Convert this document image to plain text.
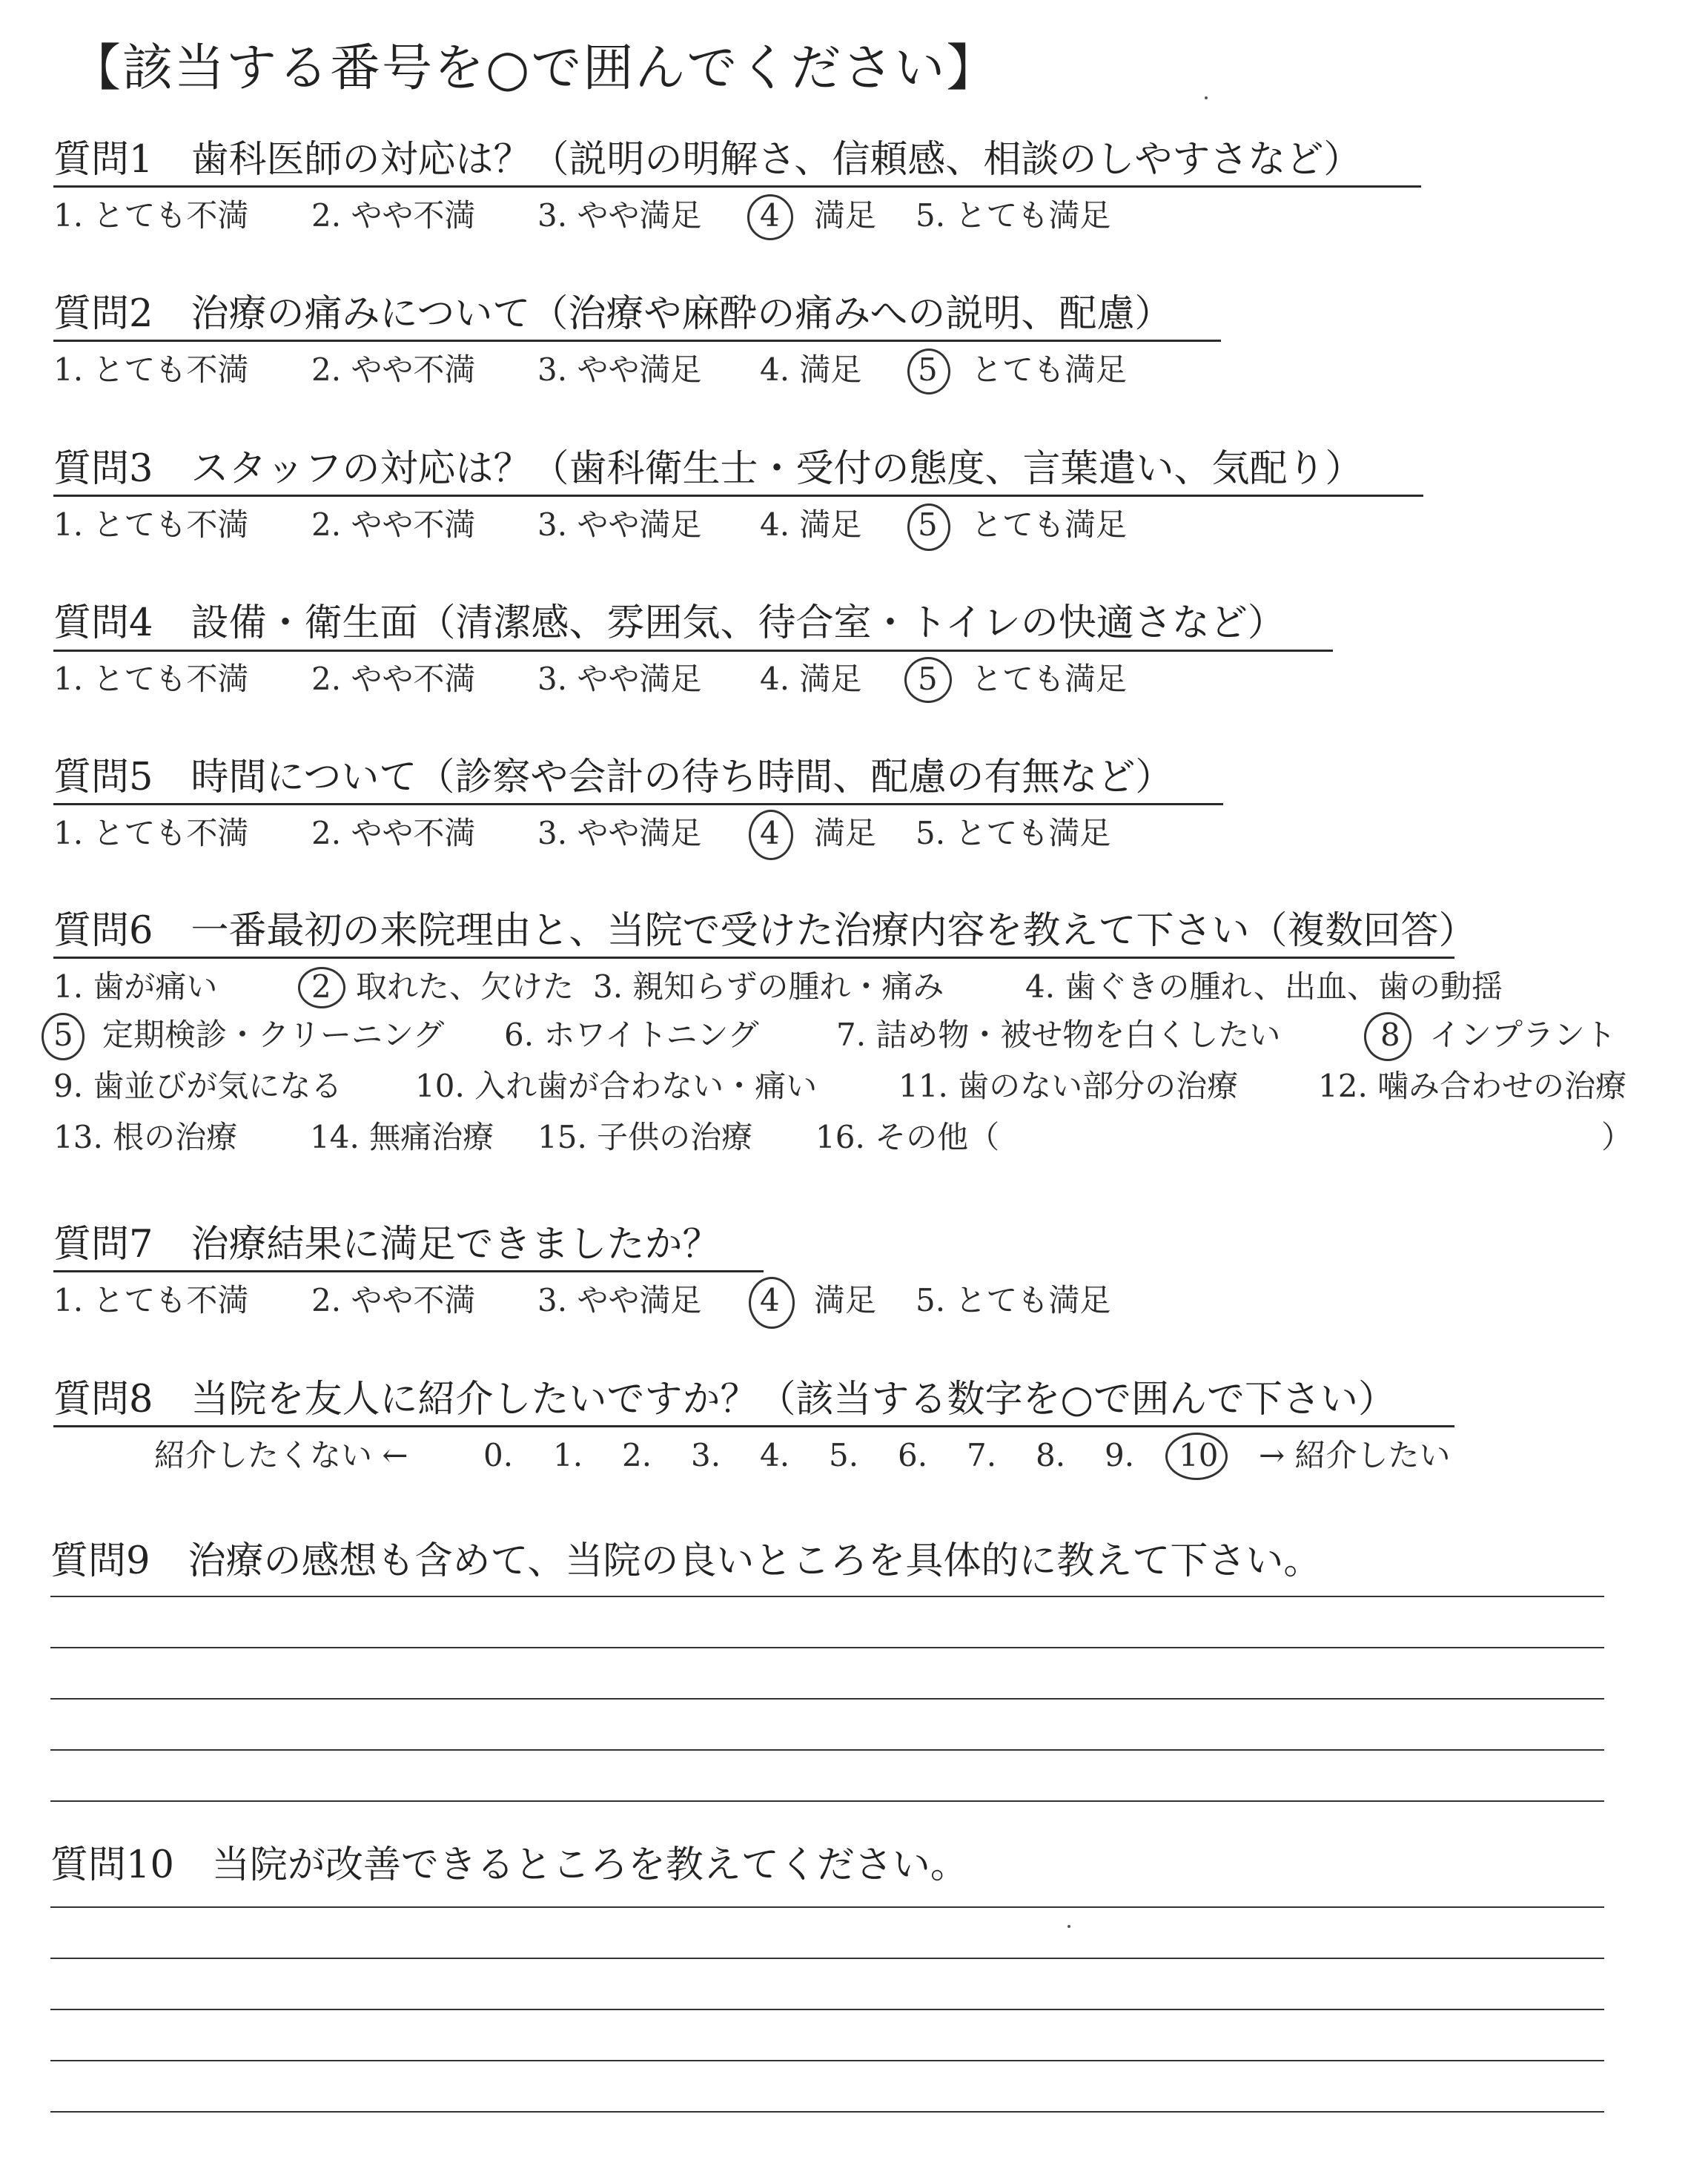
【該当する番号を○で囲んでください】
質問1　歯科医師の対応は？（説明の明解さ、信頼感、相談のしやすさなど）
1. とても不満 2. やや不満 3. やや満足 4 満足 5. とても満足
質問2　治療の痛みについて（治療や麻酔の痛みへの説明、配慮）
1. とても不満 2. やや不満 3. やや満足 4. 満足 5 とても満足
質問3　スタッフの対応は？（歯科衛生士・受付の態度、言葉遣い、気配り）
1. とても不満 2. やや不満 3. やや満足 4. 満足 5 とても満足
質問4　設備・衛生面（清潔感、雰囲気、待合室・トイレの快適さなど）
1. とても不満 2. やや不満 3. やや満足 4. 満足 5 とても満足
質問5　時間について（診察や会計の待ち時間、配慮の有無など）
1. とても不満 2. やや不満 3. やや満足 4 満足 5. とても満足
質問6　一番最初の来院理由と、当院で受けた治療内容を教えて下さい（複数回答）
1. 歯が痛い	2 取れた、欠けた 3. 親知らずの腫れ・痛み	4. 歯ぐきの腫れ、出血、歯の動揺
5 定期検診・クリーニング 6. ホワイトニング 7. 詰め物・被せ物を白くしたい	8 インプラント
9. 歯並びが気になる 10. 入れ歯が合わない・痛い	11. 歯のない部分の治療	12. 噛み合わせの治療
13. 根の治療 14. 無痛治療 15. 子供の治療 16. その他（	）
質問7　治療結果に満足できましたか？
1. とても不満 2. やや不満 3. やや満足 4 満足 5. とても満足
質問8　当院を友人に紹介したいですか？（該当する数字を○で囲んで下さい）
紹介したくない ← 0. 1. 2. 3. 4. 5. 6. 7. 8. 9. 10 → 紹介したい
質問9　治療の感想も含めて、当院の良いところを具体的に教えて下さい。
質問10　当院が改善できるところを教えてください。
